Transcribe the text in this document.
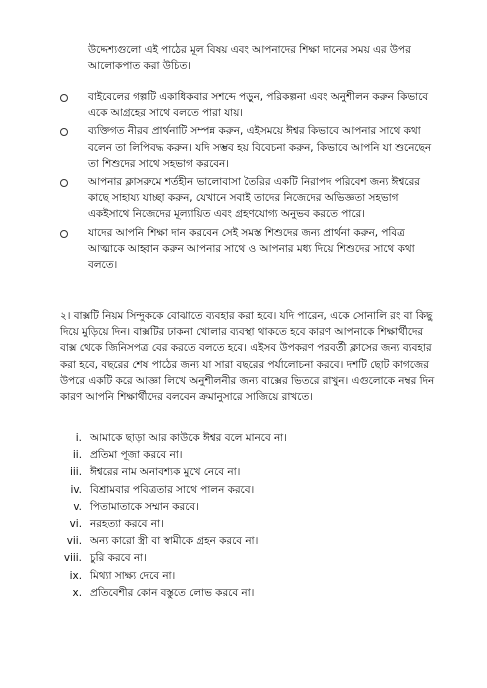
উদ্দেশ্যগুলো এই পাঠের মূল বিষয় এবং আপনাদের শিক্ষা দানের সময় এর উপর আলোকপাত করা উচিত।

বাইবেলের গল্পটি একাধিকবার সশব্দে পড়ুন, পরিকল্পনা এবং অনুশীলন করুন কিভাবে একে আগ্রহের সাথে বলতে পারা যায়।
ব্যক্তিগত নীরব প্রার্থনাটি সম্পন্ন করুন, এইসময়ে ঈশ্বর কিভাবে আপনার সাথে কথা বলেন তা লিপিবদ্ধ করুন। যদি সম্ভব হয় বিবেচনা করুন, কিভাবে আপনি যা শুনেছেন তা শিশুদের সাথে সহভাগ করবেন।
আপনার ক্লাসরুমে শর্তহীন ভালোবাসা তৈরির একটি নিরাপদ পরিবেশ জন্য ঈশ্বরের কাছে সাহায্য যাচ্ছা করুন, যেখানে সবাই তাদের নিজেদের অভিজ্ঞতা সহভাগ একইসাথে নিজেদের মূল্যায়িত এবং গ্রহণযোগ্য অনুভব করতে পারে।
যাদের আপনি শিক্ষা দান করবেন সেই সমস্ত শিশুদের জন্য প্রার্থনা করুন, পবিত্র আত্মাকে আহ্বান করুন আপনার সাথে ও আপনার মধ্য দিয়ে শিশুদের সাথে কথা বলতে।

২। বাক্সটি নিয়ম সিন্দুককে বোঝাতে ব্যবহার করা হবে। যদি পারেন, একে সোনালি রং বা কিছু দিয়ে মুড়িয়ে দিন। বাক্সটির ঢাকনা খোলার ব্যবস্থা থাকতে হবে কারণ আপনাকে শিক্ষার্থীদের বাক্স থেকে জিনিসপত্র বের করতে বলতে হবে। এইসব উপকরণ পরবর্তী ক্লাসের জন্য ব্যবহার করা হবে, বছরের শেষ পাঠের জন্য যা সারা বছরের পর্যালোচনা করবে। দশটি ছোট কাগজের উপরে একটি করে আজ্ঞা লিখে অনুশীলনীর জন্য বাক্সের ভিতরে রাখুন। এগুলোকে নম্বর দিন কারণ আপনি শিক্ষার্থীদের বলবেন ক্রমানুসারে সাজিয়ে রাখতে।

i. আমাকে ছাড়া আর কাউকে ঈশ্বর বলে মানবে না।
ii. প্রতিমা পূজা করবে না।
iii. ঈশ্বরের নাম অনাবশ্যক মুখে নেবে না।
iv. বিশ্রামবার পবিত্রতার সাথে পালন করবে।
v. পিতামাতাকে সম্মান করবে।
vi. নরহত্যা করবে না।
vii. অন্য কারো স্ত্রী বা স্বামীকে গ্রহন করবে না।
viii. চুরি করবে না।
ix. মিথ্যা সাক্ষ্য দেবে না।
x. প্রতিবেশীর কোন বস্তুতে লোভ করবে না।
